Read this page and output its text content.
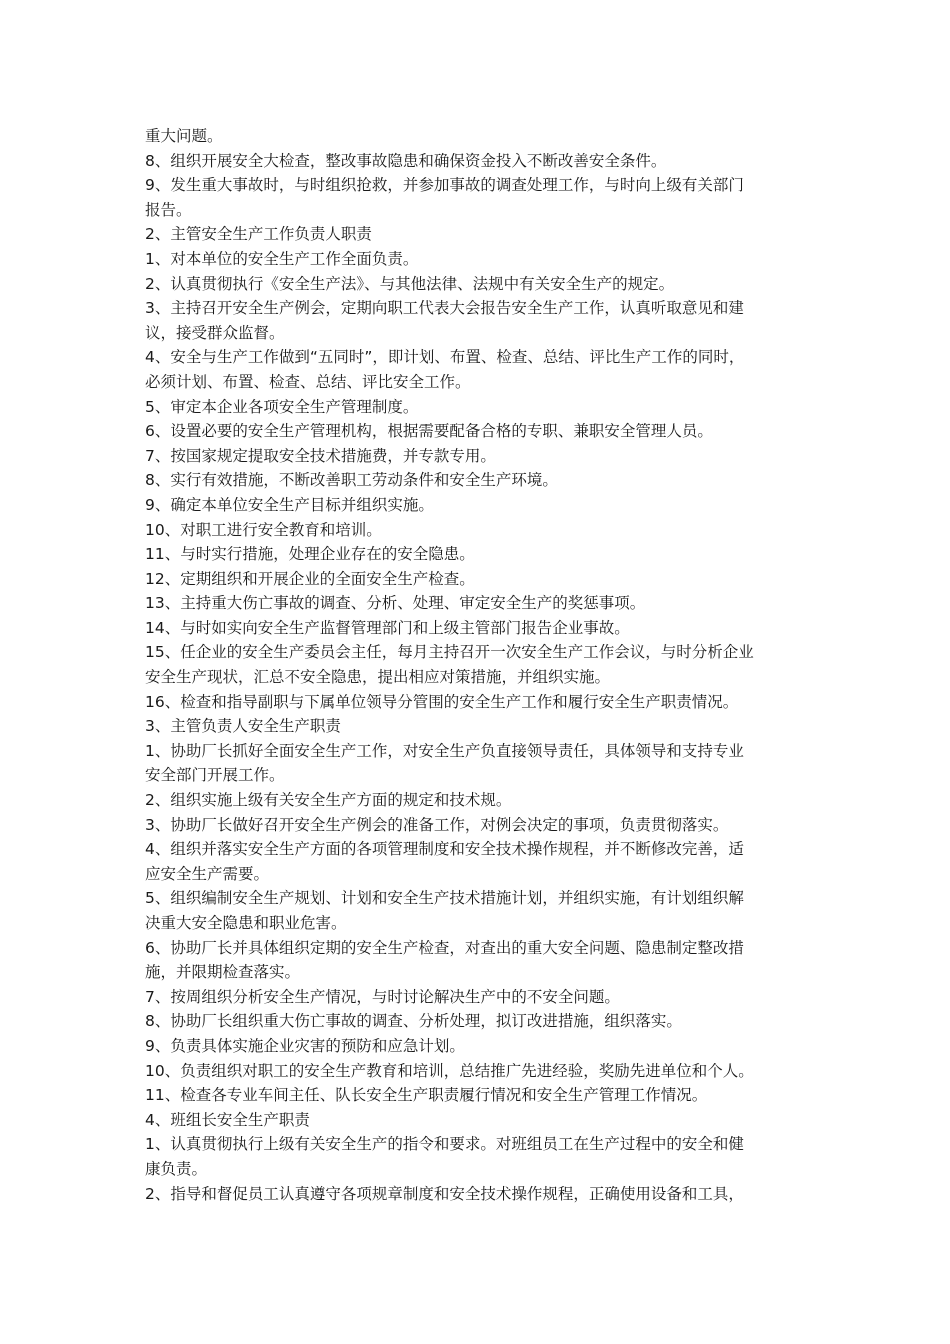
重大问题。

8、组织开展安全大检查，整改事故隐患和确保资金投入不断改善安全条件。

9、发生重大事故时，与时组织抢救，并参加事故的调查处理工作，与时向上级有关部门

报告。

2、主管安全生产工作负责人职责

1、对本单位的安全生产工作全面负责。

2、认真贯彻执行《安全生产法》、与其他法律、法规中有关安全生产的规定。

3、主持召开安全生产例会，定期向职工代表大会报告安全生产工作，认真听取意见和建

议，接受群众监督。

4、安全与生产工作做到“五同时”，即计划、布置、检查、总结、评比生产工作的同时，

必须计划、布置、检查、总结、评比安全工作。

5、审定本企业各项安全生产管理制度。

6、设置必要的安全生产管理机构，根据需要配备合格的专职、兼职安全管理人员。

7、按国家规定提取安全技术措施费，并专款专用。

8、实行有效措施，不断改善职工劳动条件和安全生产环境。

9、确定本单位安全生产目标并组织实施。

10、对职工进行安全教育和培训。

11、与时实行措施，处理企业存在的安全隐患。

12、定期组织和开展企业的全面安全生产检查。

13、主持重大伤亡事故的调查、分析、处理、审定安全生产的奖惩事项。

14、与时如实向安全生产监督管理部门和上级主管部门报告企业事故。

15、任企业的安全生产委员会主任，每月主持召开一次安全生产工作会议，与时分析企业

安全生产现状，汇总不安全隐患，提出相应对策措施，并组织实施。

16、检查和指导副职与下属单位领导分管围的安全生产工作和履行安全生产职责情况。

3、主管负责人安全生产职责

1、协助厂长抓好全面安全生产工作，对安全生产负直接领导责任，具体领导和支持专业

安全部门开展工作。

2、组织实施上级有关安全生产方面的规定和技术规。

3、协助厂长做好召开安全生产例会的准备工作，对例会决定的事项，负责贯彻落实。

4、组织并落实安全生产方面的各项管理制度和安全技术操作规程，并不断修改完善，适

应安全生产需要。

5、组织编制安全生产规划、计划和安全生产技术措施计划，并组织实施，有计划组织解

决重大安全隐患和职业危害。

6、协助厂长并具体组织定期的安全生产检查，对查出的重大安全问题、隐患制定整改措

施，并限期检查落实。

7、按周组织分析安全生产情况，与时讨论解决生产中的不安全问题。

8、协助厂长组织重大伤亡事故的调查、分析处理，拟订改进措施，组织落实。

9、负责具体实施企业灾害的预防和应急计划。

10、负责组织对职工的安全生产教育和培训，总结推广先进经验，奖励先进单位和个人。

11、检查各专业车间主任、队长安全生产职责履行情况和安全生产管理工作情况。

4、班组长安全生产职责

1、认真贯彻执行上级有关安全生产的指令和要求。对班组员工在生产过程中的安全和健

康负责。

2、指导和督促员工认真遵守各项规章制度和安全技术操作规程，正确使用设备和工具，
